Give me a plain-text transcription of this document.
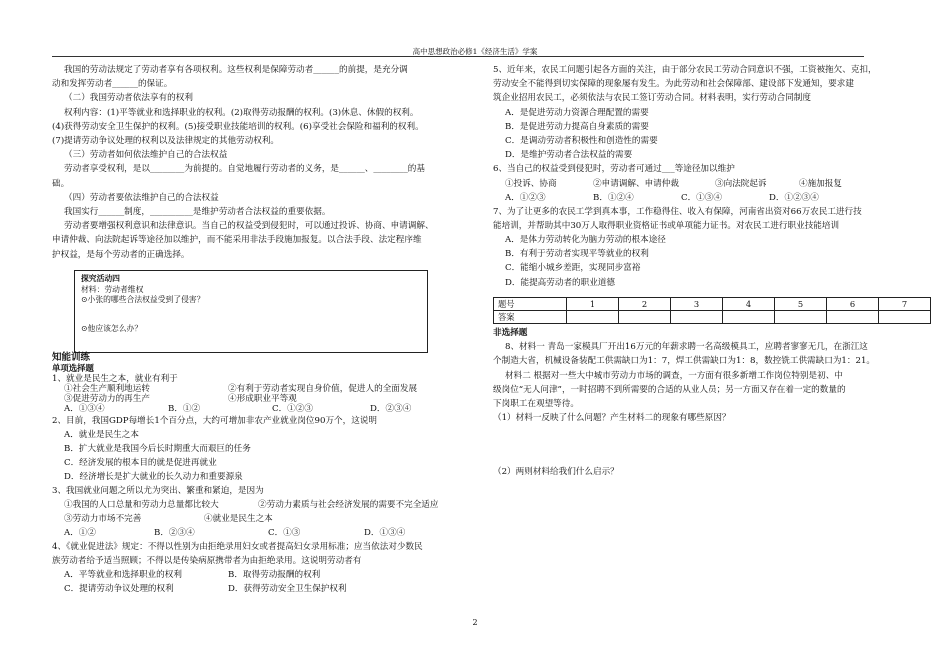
高中思想政治必修1《经济生活》学案

我国的劳动法规定了劳动者享有各项权利。这些权利是保障劳动者______的前提，是充分调

动和发挥劳动者______的保证。

（二）我国劳动者依法享有的权利

权利内容：(1)平等就业和选择职业的权利。(2)取得劳动报酬的权利。(3)休息、休假的权利。

(4)获得劳动安全卫生保护的权利。(5)接受职业技能培训的权利。(6)享受社会保险和福利的权利。

(7)提请劳动争议处理的权利以及法律规定的其他劳动权利。

（三）劳动者如何依法维护自己的合法权益

劳动者享受权利，是以________为前提的。自觉地履行劳动者的义务，是______、________的基

础。

（四）劳动者要依法维护自己的合法权益

我国实行______制度，__________是维护劳动者合法权益的重要依据。

劳动者要增强权利意识和法律意识。当自己的权益受到侵犯时，可以通过投诉、协商、申请调解、

申请仲裁、向法院起诉等途径加以维护，而不能采用非法手段施加报复。以合法手段、法定程序维

护权益，是每个劳动者的正确选择。

探究活动四

材料：劳动者维权

⊙小张的哪些合法权益受到了侵害？

⊙他应该怎么办？

知能训练

单项选择题

1、就业是民生之本，就业有利于

①社会生产顺利地运转	②有利于劳动者实现自身价值，促进人的全面发展

③促进劳动力的再生产	④形成职业平等观

A．①③④	B．①②	C．①②③	D．②③④

2、目前，我国GDP每增长1个百分点，大约可增加非农产业就业岗位90万个，这说明

A．就业是民生之本

B．扩大就业是我国今后长时期重大而艰巨的任务

C．经济发展的根本目的就是促进再就业

D．经济增长是扩大就业的长久动力和重要源泉

3、我国就业问题之所以尤为突出、繁重和紧迫，是因为

①我国的人口总量和劳动力总量都比较大	②劳动力素质与社会经济发展的需要不完全适应

③劳动力市场不完善	④就业是民生之本

A．①②	B．②③④	C．①③	D．①③④

4、《就业促进法》规定：不得以性别为由拒绝录用妇女或者提高妇女录用标准；应当依法对少数民

族劳动者给予适当照顾；不得以是传染病原携带者为由拒绝录用。这说明劳动者有

A．平等就业和选择职业的权利	B．取得劳动报酬的权利

C．提请劳动争议处理的权利	D．获得劳动安全卫生保护权利

5、近年来，农民工问题引起各方面的关注，由于部分农民工劳动合同意识不强，工资被拖欠、克扣，

劳动安全不能得到切实保障的现象屡有发生。为此劳动和社会保障部、建设部下发通知，要求建

筑企业招用农民工，必须依法与农民工签订劳动合同。材料表明，实行劳动合同制度

A．是促进劳动力资源合理配置的需要

B．是促进劳动力提高自身素质的需要

C．是调动劳动者积极性和创造性的需要

D．是维护劳动者合法权益的需要

6、当自己的权益受到侵犯时，劳动者可通过___等途径加以维护

①投诉、协商	②申请调解、申请仲裁	③向法院起诉	④施加报复

A．①②③	B．①②④	C．①③④	D．①②③④

7、为了让更多的农民工学到真本事，工作稳得住、收入有保障，河南省出资对66万农民工进行技

能培训，并帮助其中30万人取得职业资格证书或单项能力证书。对农民工进行职业技能培训

A．是体力劳动转化为脑力劳动的根本途径

B．有利于劳动者实现平等就业的权利

C．能缩小城乡差距，实现同步富裕

D．能提高劳动者的职业道德

题号	1	2	3	4	5	6	7
答案							

非选择题

8、材料一 青岛一家模具厂开出16万元的年薪求聘一名高级模具工，应聘者寥寥无几，在浙江这

个制造大省，机械设备装配工供需缺口为1：7，焊工供需缺口为1：8，数控铣工供需缺口为1：21。

材料二 根据对一些大中城市劳动力市场的调查，一方面有很多新增工作岗位特别是初、中

级岗位“无人问津”，一时招聘不到所需要的合适的从业人员；另一方面又存在着一定的数量的

下岗职工在观望等待。

（1）材料一反映了什么问题？产生材料二的现象有哪些原因？

（2）两则材料给我们什么启示？

2
